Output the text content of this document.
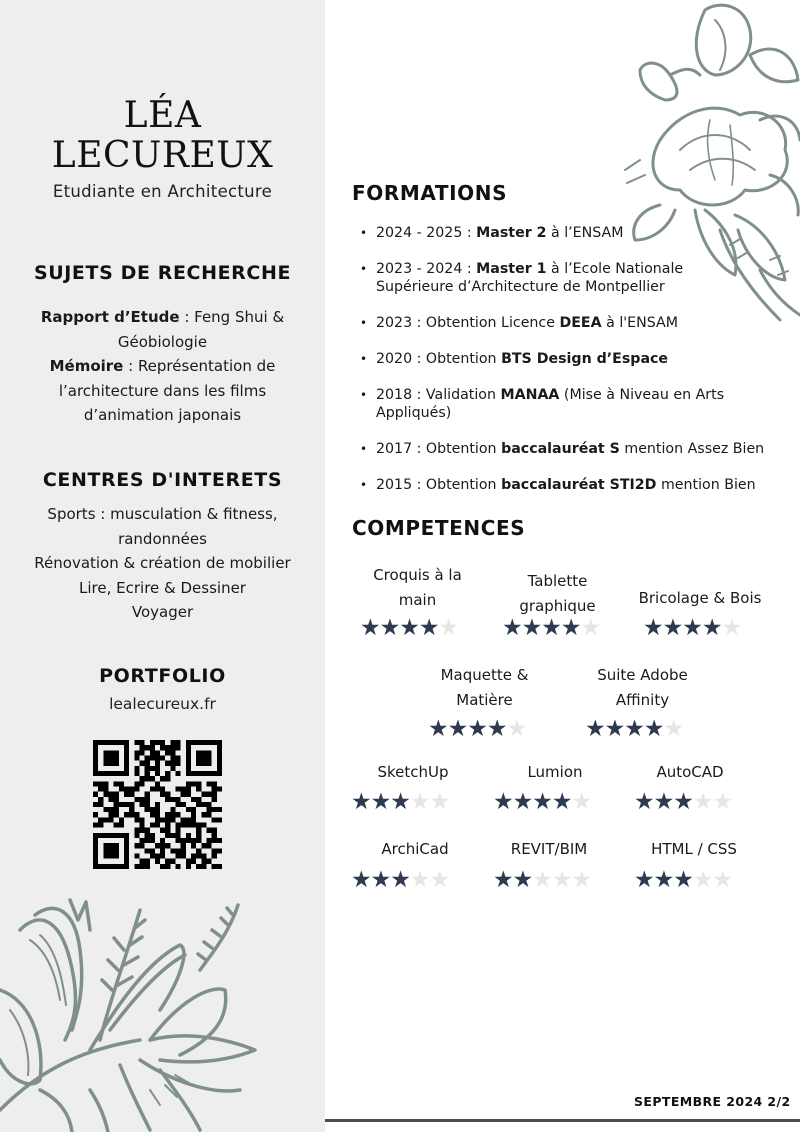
LÉA
LECUREUX
Etudiante en Architecture
SUJETS DE RECHERCHE
Rapport d’Etude : Feng Shui & Géobiologie
Mémoire : Représentation de l’architecture dans les films d’animation japonais
CENTRES D'INTERETS
Sports : musculation & fitness, randonnées
Rénovation & création de mobilier
Lire, Ecrire & Dessiner
Voyager
PORTFOLIO
lealecureux.fr
FORMATIONS
• 2024 - 2025 : Master 2 à l’ENSAM
• 2023 - 2024 : Master 1 à l’Ecole Nationale Supérieure d’Architecture de Montpellier
• 2023 : Obtention Licence DEEA à l'ENSAM
• 2020 : Obtention BTS Design d’Espace
• 2018 : Validation MANAA (Mise à Niveau en Arts Appliqués)
• 2017 : Obtention baccalauréat S mention Assez Bien
• 2015 : Obtention baccalauréat STI2D mention Bien
COMPETENCES
Croquis à la
main
★★★★★
Tablette
graphique
★★★★★
Bricolage & Bois
★★★★★
Maquette &
Matière
★★★★★
Suite Adobe
Affinity
★★★★★
SketchUp
★★★★★
Lumion
★★★★★
AutoCAD
★★★★★
ArchiCad
★★★★★
REVIT/BIM
★★★★★
HTML / CSS
★★★★★
SEPTEMBRE 2024 2/2
